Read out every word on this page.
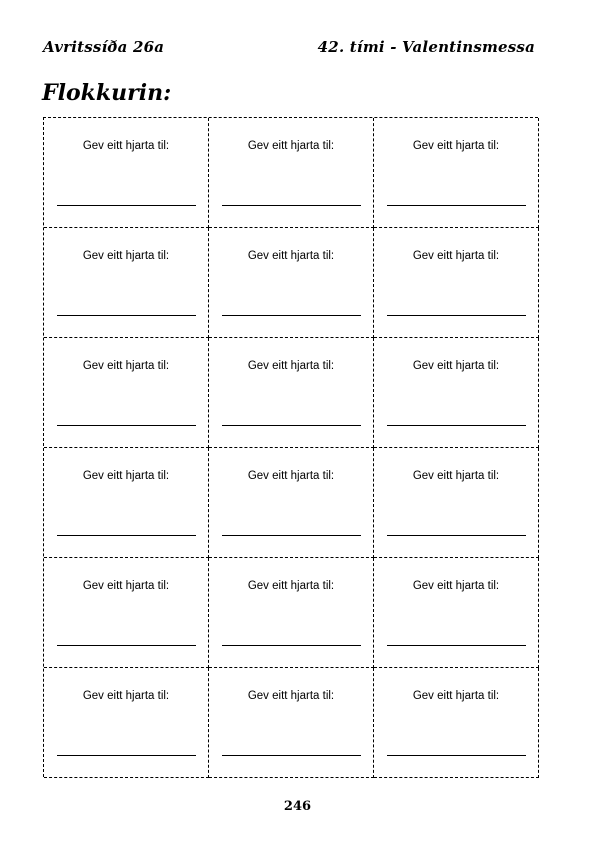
Avritssíða 26a	42. tími - Valentinsmessa
Flokkurin:
Gev eitt hjarta til:	Gev eitt hjarta til:	Gev eitt hjarta til:
Gev eitt hjarta til:	Gev eitt hjarta til:	Gev eitt hjarta til:
Gev eitt hjarta til:	Gev eitt hjarta til:	Gev eitt hjarta til:
Gev eitt hjarta til:	Gev eitt hjarta til:	Gev eitt hjarta til:
Gev eitt hjarta til:	Gev eitt hjarta til:	Gev eitt hjarta til:
Gev eitt hjarta til:	Gev eitt hjarta til:	Gev eitt hjarta til:
246
